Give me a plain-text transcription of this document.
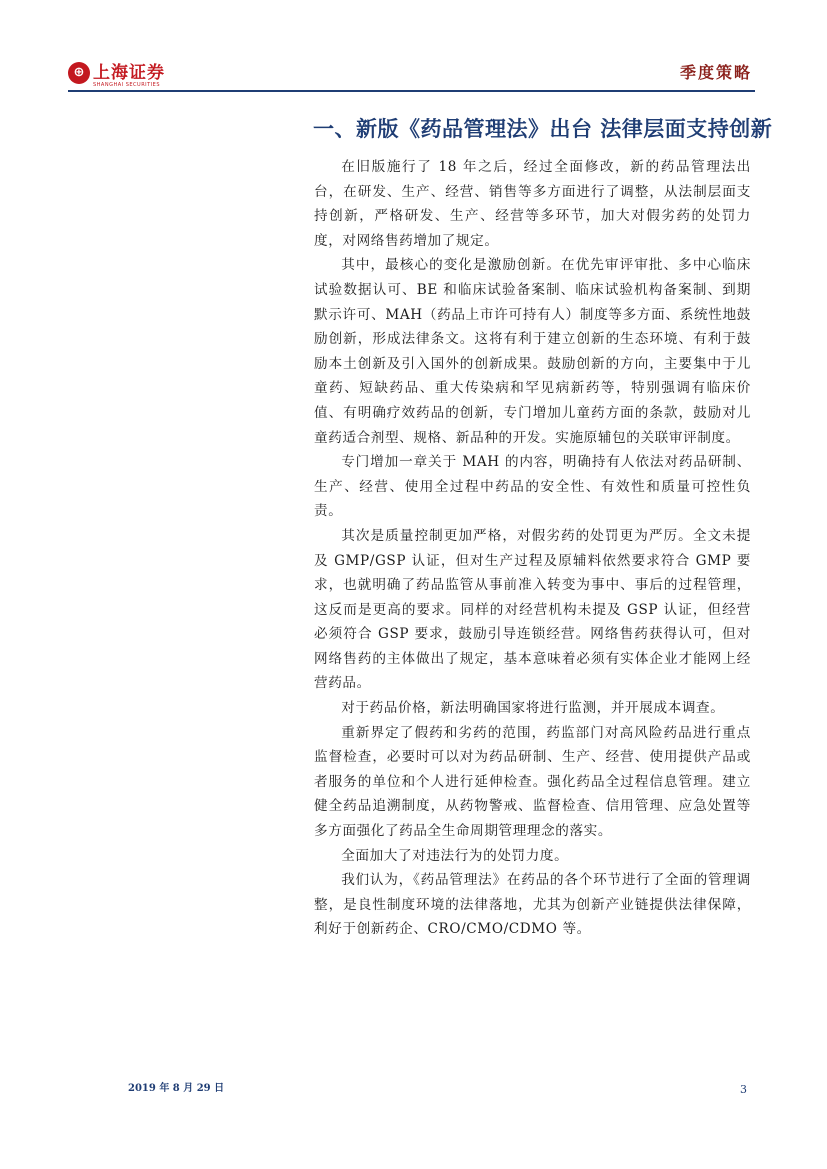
⊕ 上海证券
SHANGHAI SECURITIES
季度策略
一、新版《药品管理法》出台 法律层面支持创新

在旧版施行了 18 年之后，经过全面修改，新的药品管理法出台，在研发、生产、经营、销售等多方面进行了调整，从法制层面支持创新，严格研发、生产、经营等多环节，加大对假劣药的处罚力度，对网络售药增加了规定。

其中，最核心的变化是激励创新。在优先审评审批、多中心临床试验数据认可、BE 和临床试验备案制、临床试验机构备案制、到期默示许可、MAH（药品上市许可持有人）制度等多方面、系统性地鼓励创新，形成法律条文。这将有利于建立创新的生态环境、有利于鼓励本土创新及引入国外的创新成果。鼓励创新的方向，主要集中于儿童药、短缺药品、重大传染病和罕见病新药等，特别强调有临床价值、有明确疗效药品的创新，专门增加儿童药方面的条款，鼓励对儿童药适合剂型、规格、新品种的开发。实施原辅包的关联审评制度。

专门增加一章关于 MAH 的内容，明确持有人依法对药品研制、生产、经营、使用全过程中药品的安全性、有效性和质量可控性负责。

其次是质量控制更加严格，对假劣药的处罚更为严厉。全文未提及 GMP/GSP 认证，但对生产过程及原辅料依然要求符合 GMP 要求，也就明确了药品监管从事前准入转变为事中、事后的过程管理，这反而是更高的要求。同样的对经营机构未提及 GSP 认证，但经营必须符合 GSP 要求，鼓励引导连锁经营。网络售药获得认可，但对网络售药的主体做出了规定，基本意味着必须有实体企业才能网上经营药品。

对于药品价格，新法明确国家将进行监测，并开展成本调查。

重新界定了假药和劣药的范围，药监部门对高风险药品进行重点监督检查，必要时可以对为药品研制、生产、经营、使用提供产品或者服务的单位和个人进行延伸检查。强化药品全过程信息管理。建立健全药品追溯制度，从药物警戒、监督检查、信用管理、应急处置等多方面强化了药品全生命周期管理理念的落实。

全面加大了对违法行为的处罚力度。

我们认为，《药品管理法》在药品的各个环节进行了全面的管理调整，是良性制度环境的法律落地，尤其为创新产业链提供法律保障，利好于创新药企、CRO/CMO/CDMO 等。

2019 年 8 月 29 日	3
